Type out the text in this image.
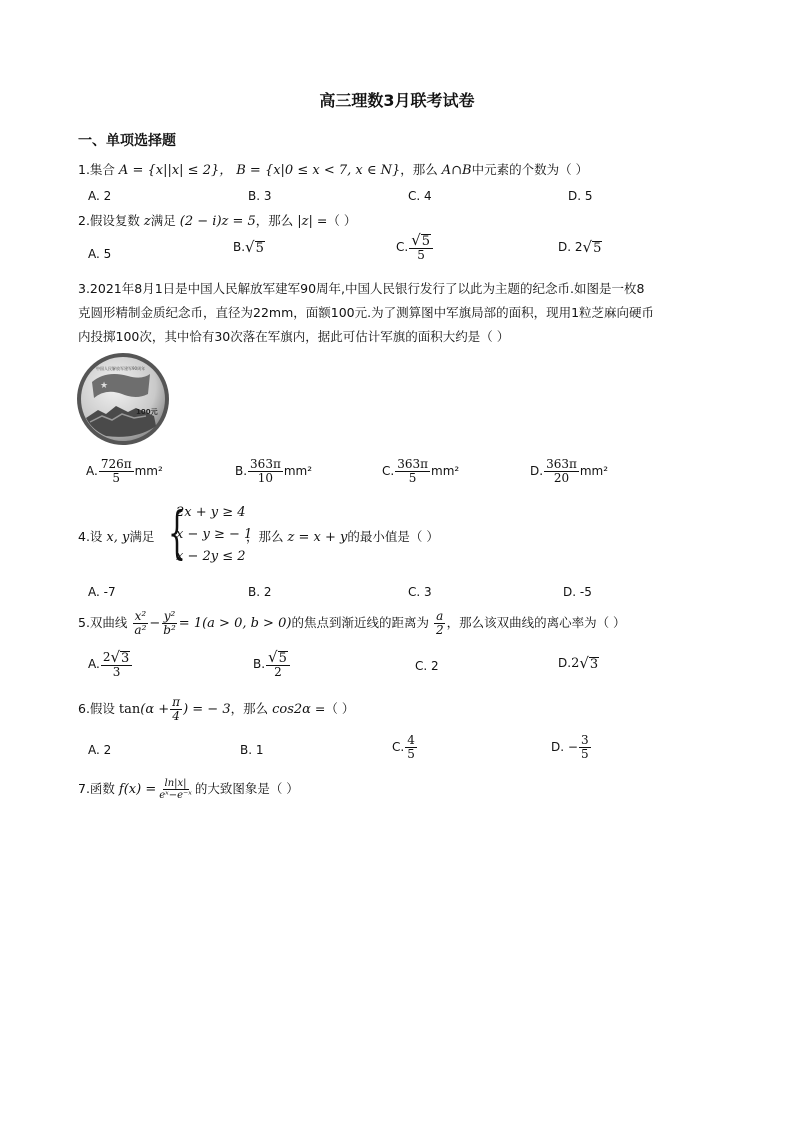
高三理数3月联考试卷
一、单项选择题
1.集合 A = {x||x| ≤ 2}， B = {x|0 ≤ x < 7, x ∈ N}，那么 A∩B中元素的个数为（ ）
A. 2	B. 3	C. 4	D. 5
2.假设复数 z满足 (2 − i)z = 5，那么 |z| =（ ）
A. 5	B. √ 5	C. $\frac{√ 5}{5}$	D. 2 √ 5
3.2021年8月1日是中国人民解放军建军90周年,中国人民银行发行了以此为主题的纪念币.如图是一枚8
克圆形精制金质纪念币，直径为22mm，面额100元.为了测算图中军旗局部的面积，现用1粒芝麻向硬币
内投掷100次，其中恰有30次落在军旗内，据此可估计军旗的面积大约是（ ）
★
100元
中国人民解放军建军90周年
A. $\frac{726\pi}{5} mm^2$	B. $\frac{363\pi}{10} mm^2$	C. $\frac{363\pi}{5} mm^2$	D. $\frac{363\pi}{20} mm^2$
4.设 x, y满足 {
2x + y ≥ 4
x − y ≥ − 1
x − 2y ≤ 2
，那么 z = x + y的最小值是（ ）
A. -7	B. 2	C. 3	D. -5
5.双曲线 $\frac{\text{x²}}{\text{a²}} - \frac{\text{y²}}{\text{b²}} = 1(a > 0$, b > 0)的焦点到渐近线的距离为 $\frac{a}{2}$ ，那么该双曲线的离心率为（ ）
A. $\frac{2 √ 3}{3}$	B. $\frac{√ 5}{2}$	C. 2	D.2 √ 3
6.假设 $\tan(\alpha + \frac{\pi}{4}$ ) = − 3，那么 cos2α =（ ）
A. 2	B. 1	C. $\frac{4}{5}$	D. − $\frac{3}{5}$
7.函数 $f(x) = \frac{\ln|x|}{\text{eˣ−e⁻ˣ}}$ 的大致图象是（ ）
